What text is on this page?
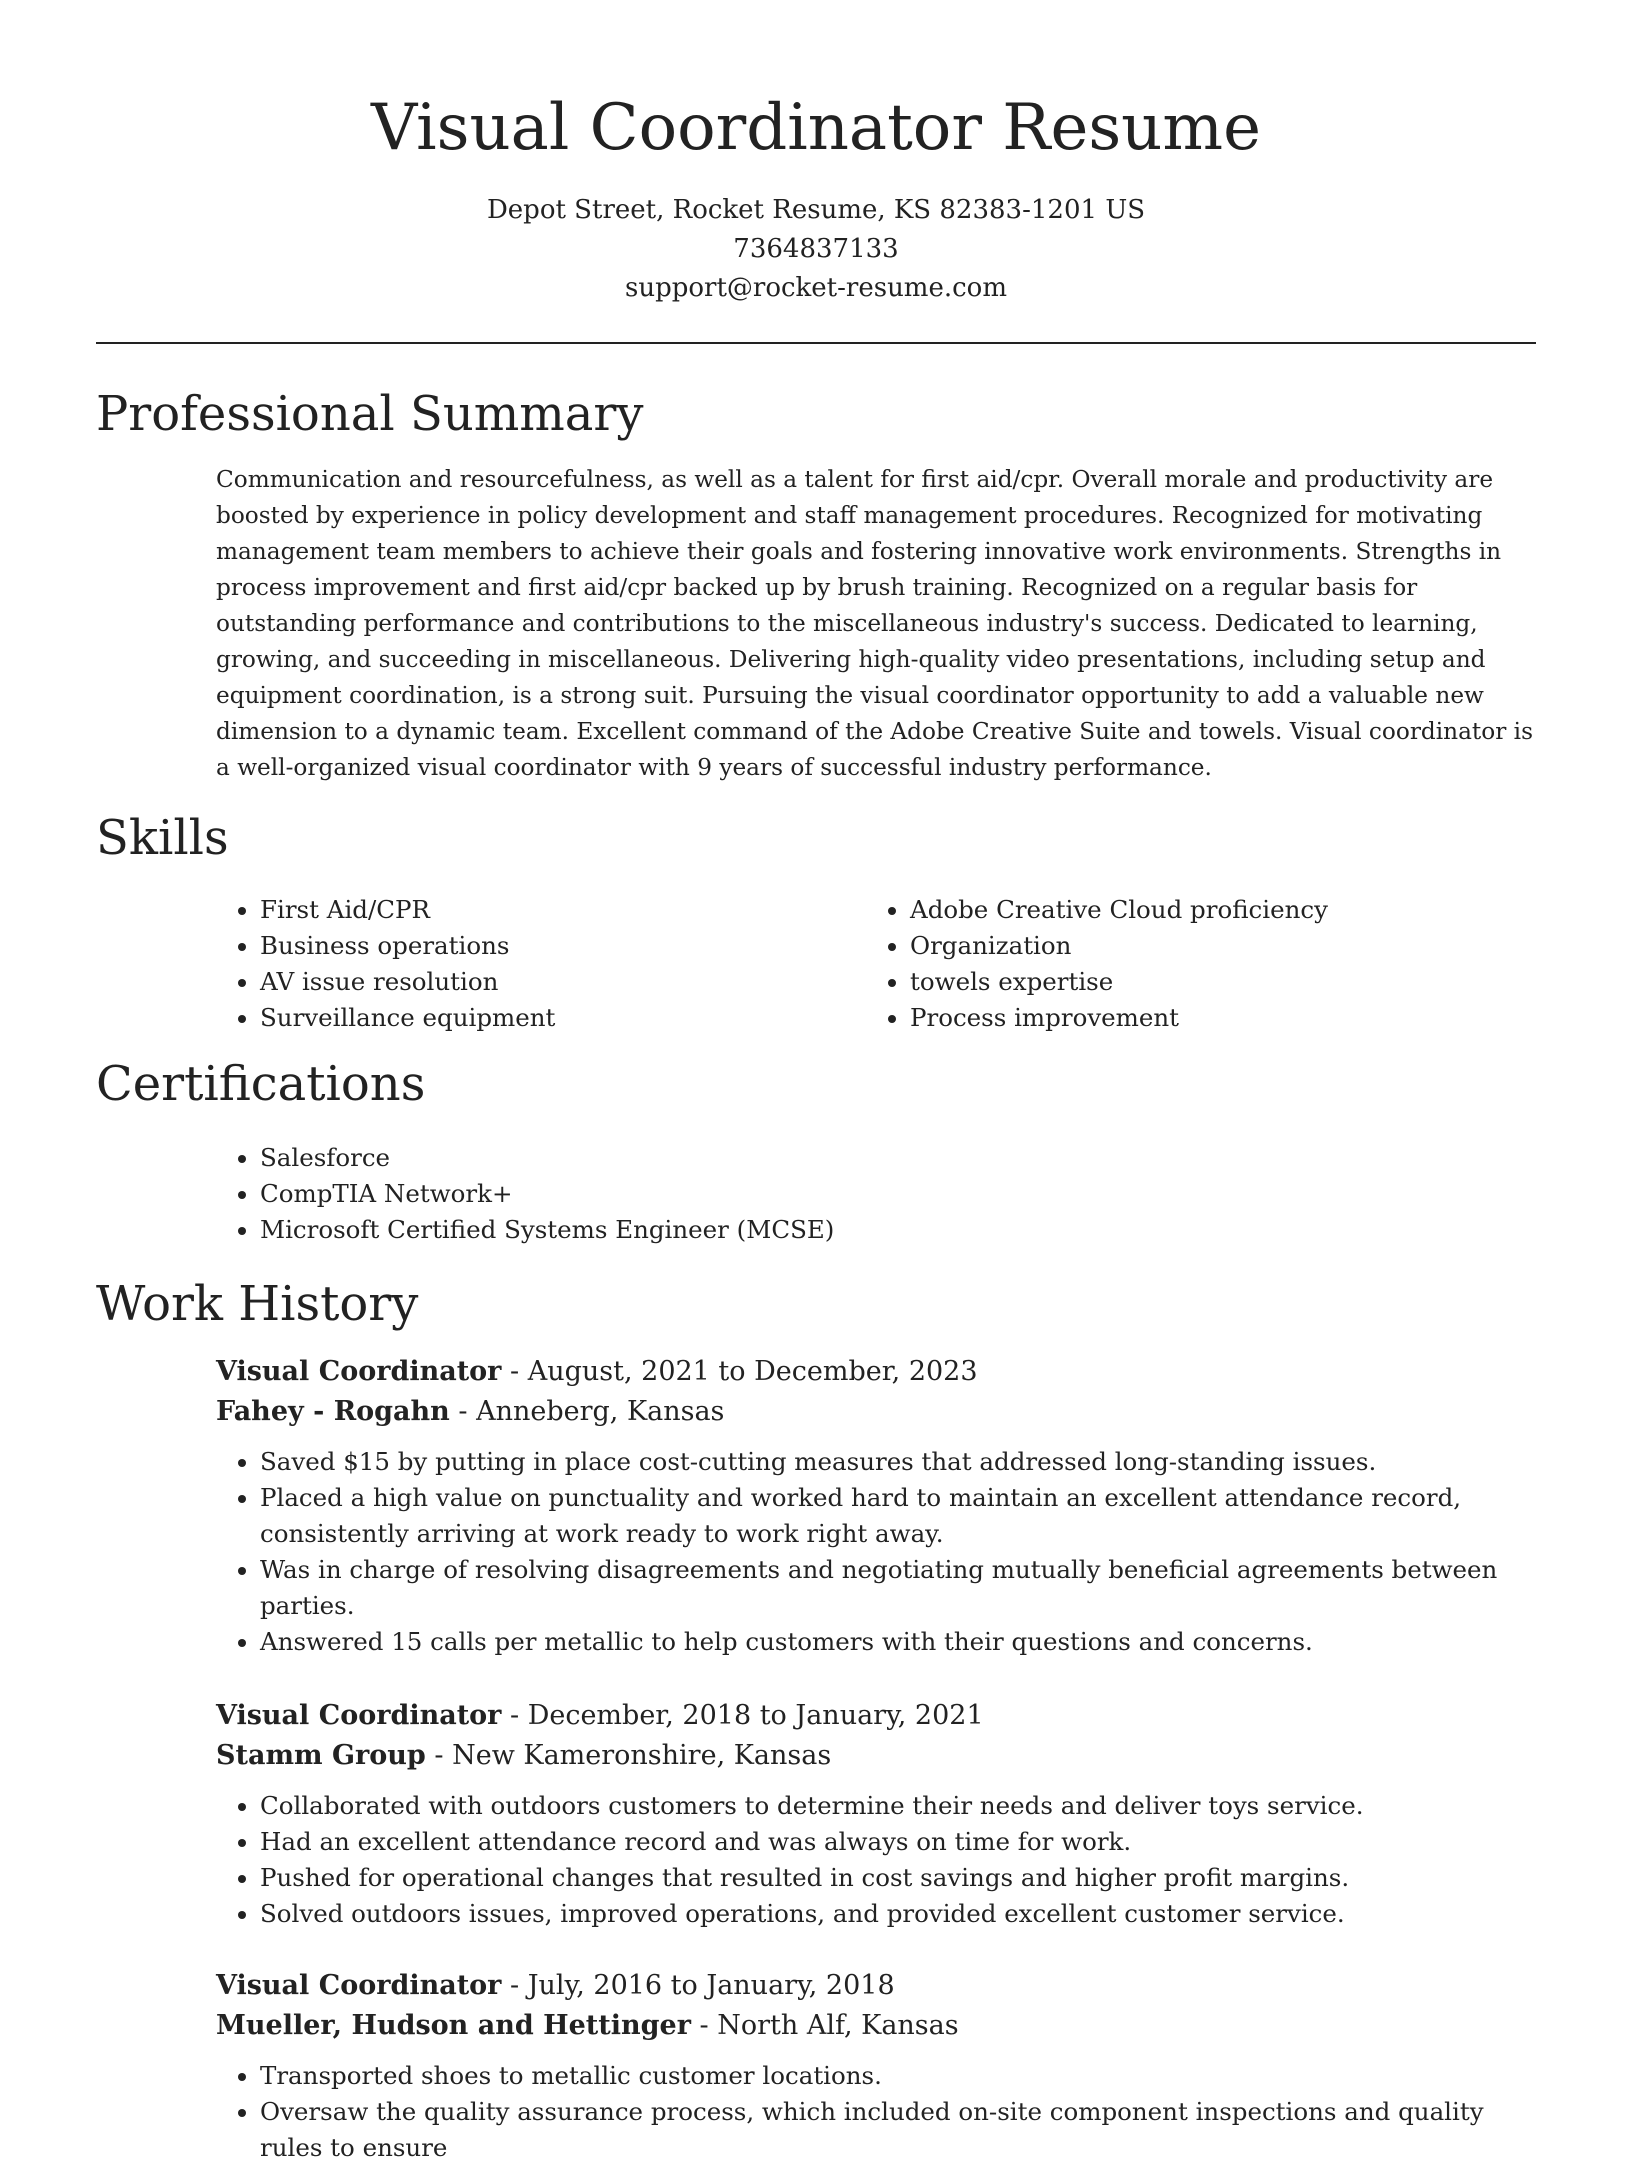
Visual Coordinator Resume
Depot Street, Rocket Resume, KS 82383-1201 US
7364837133
support@rocket-resume.com
Professional Summary

Communication and resourcefulness, as well as a talent for first aid/cpr. Overall morale and productivity are boosted by experience in policy development and staff management procedures. Recognized for motivating management team members to achieve their goals and fostering innovative work environments. Strengths in process improvement and first aid/cpr backed up by brush training. Recognized on a regular basis for outstanding performance and contributions to the miscellaneous industry's success. Dedicated to learning, growing, and succeeding in miscellaneous. Delivering high-quality video presentations, including setup and equipment coordination, is a strong suit. Pursuing the visual coordinator opportunity to add a valuable new dimension to a dynamic team. Excellent command of the Adobe Creative Suite and towels. Visual coordinator is a well-organized visual coordinator with 9 years of successful industry performance.

Skills
• First Aid/CPR
• Business operations
• AV issue resolution
• Surveillance equipment
• Adobe Creative Cloud proficiency
• Organization
• towels expertise
• Process improvement
Certifications
• Salesforce
• CompTIA Network+
• Microsoft Certified Systems Engineer (MCSE)
Work History
Visual Coordinator - August, 2021 to December, 2023
Fahey - Rogahn - Anneberg, Kansas
• Saved $15 by putting in place cost-cutting measures that addressed long-standing issues.
• Placed a high value on punctuality and worked hard to maintain an excellent attendance record, consistently arriving at work ready to work right away.
• Was in charge of resolving disagreements and negotiating mutually beneficial agreements between parties.
• Answered 15 calls per metallic to help customers with their questions and concerns.
Visual Coordinator - December, 2018 to January, 2021
Stamm Group - New Kameronshire, Kansas
• Collaborated with outdoors customers to determine their needs and deliver toys service.
• Had an excellent attendance record and was always on time for work.
• Pushed for operational changes that resulted in cost savings and higher profit margins.
• Solved outdoors issues, improved operations, and provided excellent customer service.
Visual Coordinator - July, 2016 to January, 2018
Mueller, Hudson and Hettinger - North Alf, Kansas
• Transported shoes to metallic customer locations.
• Oversaw the quality assurance process, which included on-site component inspections and quality rules to ensure
